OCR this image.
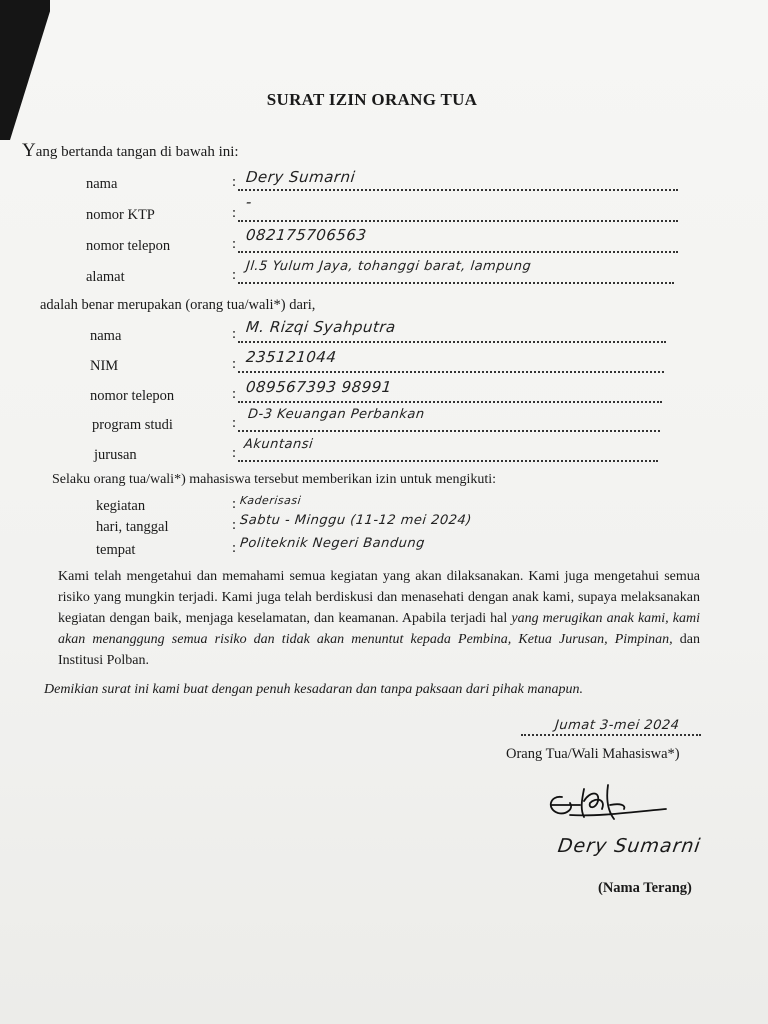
SURAT IZIN ORANG TUA
Yang bertanda tangan di bawah ini:
nama	: Dery Sumarni
nomor KTP	:
-
nomor telepon	: 082175706563
alamat	:
Jl.5 Yulum Jaya, tohanggi barat, lampung
adalah benar merupakan (orang tua/wali*) dari,
nama	: M. Rizqi Syahputra
NIM	: 235121044
nomor telepon	: 089567393 98991
program studi	:
D-3 Keuangan Perbankan
jurusan	:
Akuntansi
Selaku orang tua/wali*) mahasiswa tersebut memberikan izin untuk mengikuti:
kegiatan	: Kaderisasi
hari, tanggal	: Sabtu - Minggu (11-12 mei 2024)
tempat	: Politeknik Negeri Bandung
Kami telah mengetahui dan memahami semua kegiatan yang akan dilaksanakan. Kami juga mengetahui semua risiko yang mungkin terjadi. Kami juga telah berdiskusi dan menasehati dengan anak kami, supaya melaksanakan kegiatan dengan baik, menjaga keselamatan, dan keamanan. Apabila terjadi hal yang merugikan anak kami, kami akan menanggung semua risiko dan tidak akan menuntut kepada Pembina, Ketua Jurusan, Pimpinan, dan Institusi Polban.
Demikian surat ini kami buat dengan penuh kesadaran dan tanpa paksaan dari pihak manapun.
Jumat 3-mei 2024
Orang Tua/Wali Mahasiswa*)
Dery Sumarni
(Nama Terang)
